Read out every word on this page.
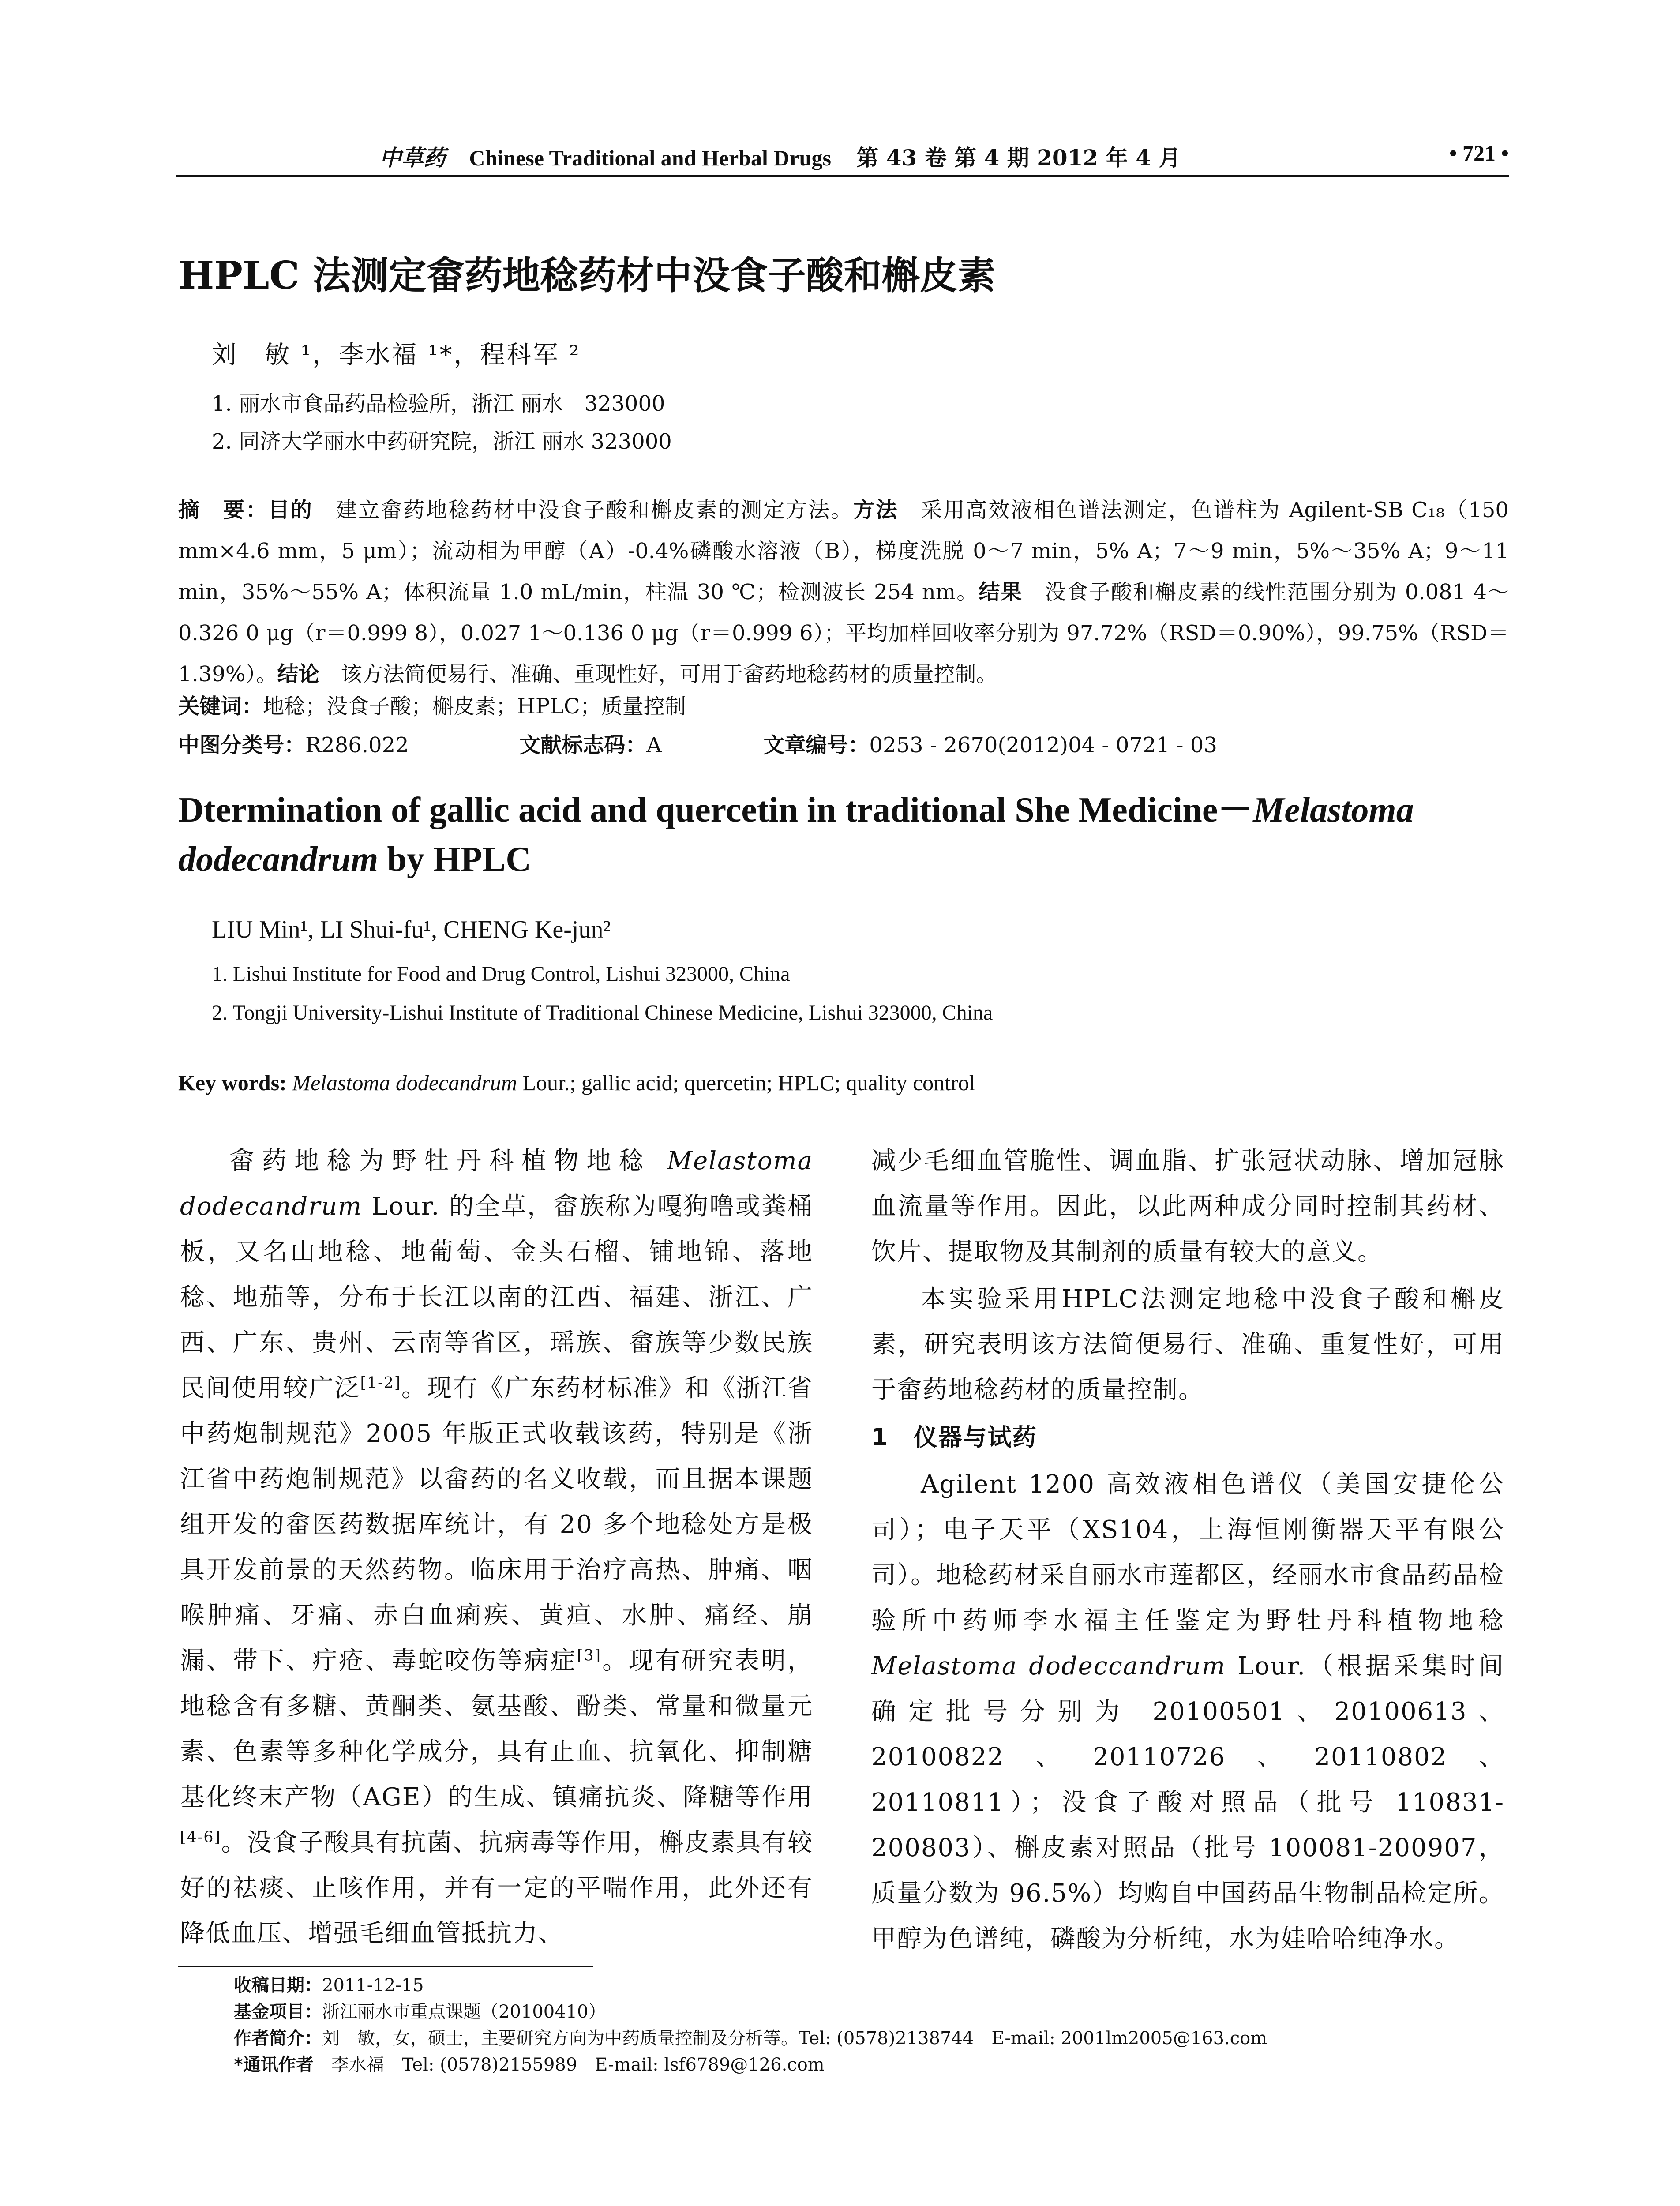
中草药 Chinese Traditional and Herbal Drugs 第 43 卷 第 4 期 2012 年 4 月	• 721 •
HPLC 法测定畲药地稔药材中没食子酸和槲皮素
刘　敏 ¹，李水福 ¹*，程科军 ²
1. 丽水市食品药品检验所，浙江 丽水　323000
2. 同济大学丽水中药研究院，浙江 丽水 323000
摘　要：目的　建立畲药地稔药材中没食子酸和槲皮素的测定方法。方法　采用高效液相色谱法测定，色谱柱为 Agilent-SB C₁₈（150 mm×4.6 mm，5 μm）；流动相为甲醇（A）-0.4%磷酸水溶液（B），梯度洗脱 0～7 min，5% A；7～9 min，5%～35% A；9～11 min，35%～55% A；体积流量 1.0 mL/min，柱温 30 ℃；检测波长 254 nm。结果　没食子酸和槲皮素的线性范围分别为 0.081 4～0.326 0 μg（r＝0.999 8），0.027 1～0.136 0 μg（r＝0.999 6）；平均加样回收率分别为 97.72%（RSD＝0.90%），99.75%（RSD＝1.39%）。结论　该方法简便易行、准确、重现性好，可用于畲药地稔药材的质量控制。
关键词：地稔；没食子酸；槲皮素；HPLC；质量控制
中图分类号：R286.022	文献标志码：A	文章编号：0253 - 2670(2012)04 - 0721 - 03
Dtermination of gallic acid and quercetin in traditional She Medicine－Melastoma dodecandrum by HPLC
LIU Min¹, LI Shui-fu¹, CHENG Ke-jun²
1. Lishui Institute for Food and Drug Control, Lishui 323000, China
2. Tongji University-Lishui Institute of Traditional Chinese Medicine, Lishui 323000, China
Key words: Melastoma dodecandrum Lour.; gallic acid; quercetin; HPLC; quality control

畲药地稔为野牡丹科植物地稔 Melastoma dodecandrum Lour. 的全草，畲族称为嘎狗噜或粪桶板，又名山地稔、地葡萄、金头石榴、铺地锦、落地稔、地茄等，分布于长江以南的江西、福建、浙江、广西、广东、贵州、云南等省区，瑶族、畲族等少数民族民间使用较广泛[1-2]。现有《广东药材标准》和《浙江省中药炮制规范》2005 年版正式收载该药，特别是《浙江省中药炮制规范》以畲药的名义收载，而且据本课题组开发的畲医药数据库统计，有 20 多个地稔处方是极具开发前景的天然药物。临床用于治疗高热、肿痛、咽喉肿痛、牙痛、赤白血痢疾、黄疸、水肿、痛经、崩漏、带下、疔疮、毒蛇咬伤等病症[3]。现有研究表明，地稔含有多糖、黄酮类、氨基酸、酚类、常量和微量元素、色素等多种化学成分，具有止血、抗氧化、抑制糖基化终末产物（AGE）的生成、镇痛抗炎、降糖等作用[4-6]。没食子酸具有抗菌、抗病毒等作用，槲皮素具有较好的祛痰、止咳作用，并有一定的平喘作用，此外还有降低血压、增强毛细血管抵抗力、

减少毛细血管脆性、调血脂、扩张冠状动脉、增加冠脉血流量等作用。因此，以此两种成分同时控制其药材、饮片、提取物及其制剂的质量有较大的意义。

本实验采用HPLC法测定地稔中没食子酸和槲皮素，研究表明该方法简便易行、准确、重复性好，可用于畲药地稔药材的质量控制。

1　仪器与试药

Agilent 1200 高效液相色谱仪（美国安捷伦公司）；电子天平（XS104，上海恒刚衡器天平有限公司）。地稔药材采自丽水市莲都区，经丽水市食品药品检验所中药师李水福主任鉴定为野牡丹科植物地稔 Melastoma dodeccandrum Lour.（根据采集时间确定批号分别为 20100501、20100613、20100822、20110726、20110802、20110811）；没食子酸对照品（批号 110831-200803）、槲皮素对照品（批号 100081-200907，质量分数为 96.5%）均购自中国药品生物制品检定所。甲醇为色谱纯，磷酸为分析纯，水为娃哈哈纯净水。

收稿日期：2011-12-15
基金项目：浙江丽水市重点课题（20100410）
作者简介：刘　敏，女，硕士，主要研究方向为中药质量控制及分析等。Tel: (0578)2138744　E-mail: 2001lm2005@163.com
*通讯作者　李水福　Tel: (0578)2155989　E-mail: lsf6789@126.com
